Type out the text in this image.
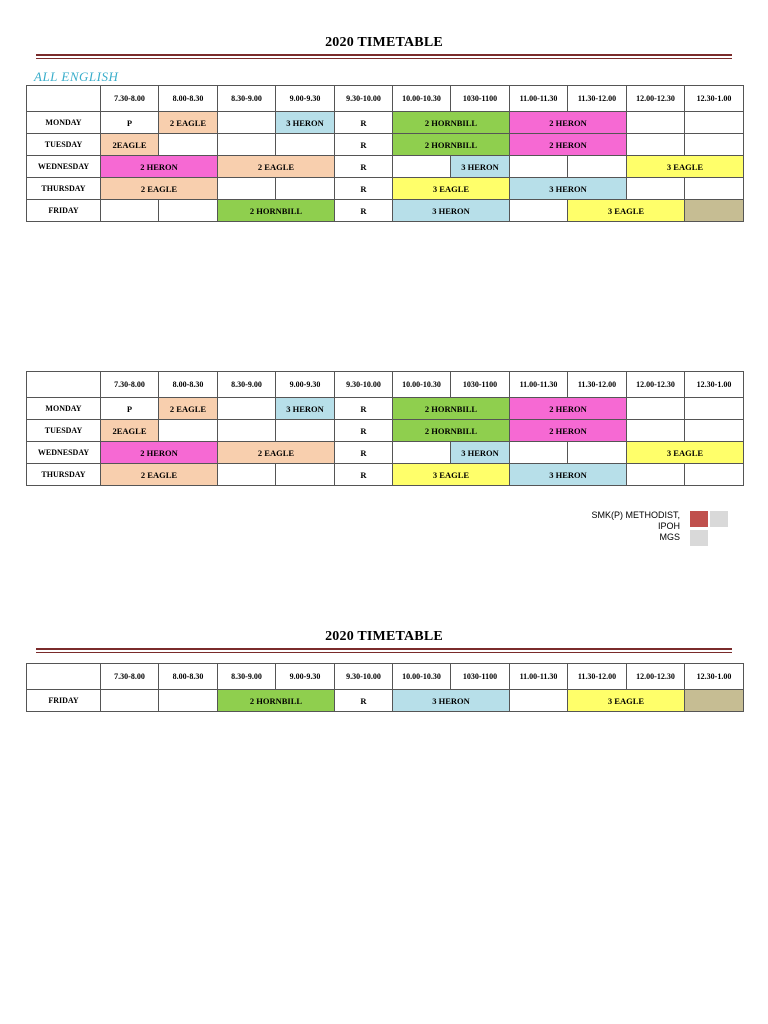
2020 TIMETABLE
ALL ENGLISH
	7.30-8.00	8.00-8.30	8.30-9.00	9.00-9.30	9.30-10.00	10.00-10.30	1030-1100	11.00-11.30	11.30-12.00	12.00-12.30	12.30-1.00
MONDAY	P	2 EAGLE		3 HERON	R	2 HORNBILL		2 HERON			
TUESDAY	2EAGLE				R	2 HORNBILL		2 HERON			
WEDNESDAY	2 HERON		2 EAGLE		R		3 HERON			3 EAGLE	
THURSDAY	2 EAGLE				R	3 EAGLE		3 HERON			
FRIDAY			2 HORNBILL		R	3 HERON			3 EAGLE		
	7.30-8.00	8.00-8.30	8.30-9.00	9.00-9.30	9.30-10.00	10.00-10.30	1030-1100	11.00-11.30	11.30-12.00	12.00-12.30	12.30-1.00
MONDAY	P	2 EAGLE		3 HERON	R	2 HORNBILL		2 HERON			
TUESDAY	2EAGLE				R	2 HORNBILL		2 HERON			
WEDNESDAY	2 HERON		2 EAGLE		R		3 HERON			3 EAGLE	
THURSDAY	2 EAGLE				R	3 EAGLE		3 HERON			
SMK(P) METHODIST,
IPOH
MGS
2020 TIMETABLE
	7.30-8.00	8.00-8.30	8.30-9.00	9.00-9.30	9.30-10.00	10.00-10.30	1030-1100	11.00-11.30	11.30-12.00	12.00-12.30	12.30-1.00
FRIDAY			2 HORNBILL		R	3 HERON			3 EAGLE		
